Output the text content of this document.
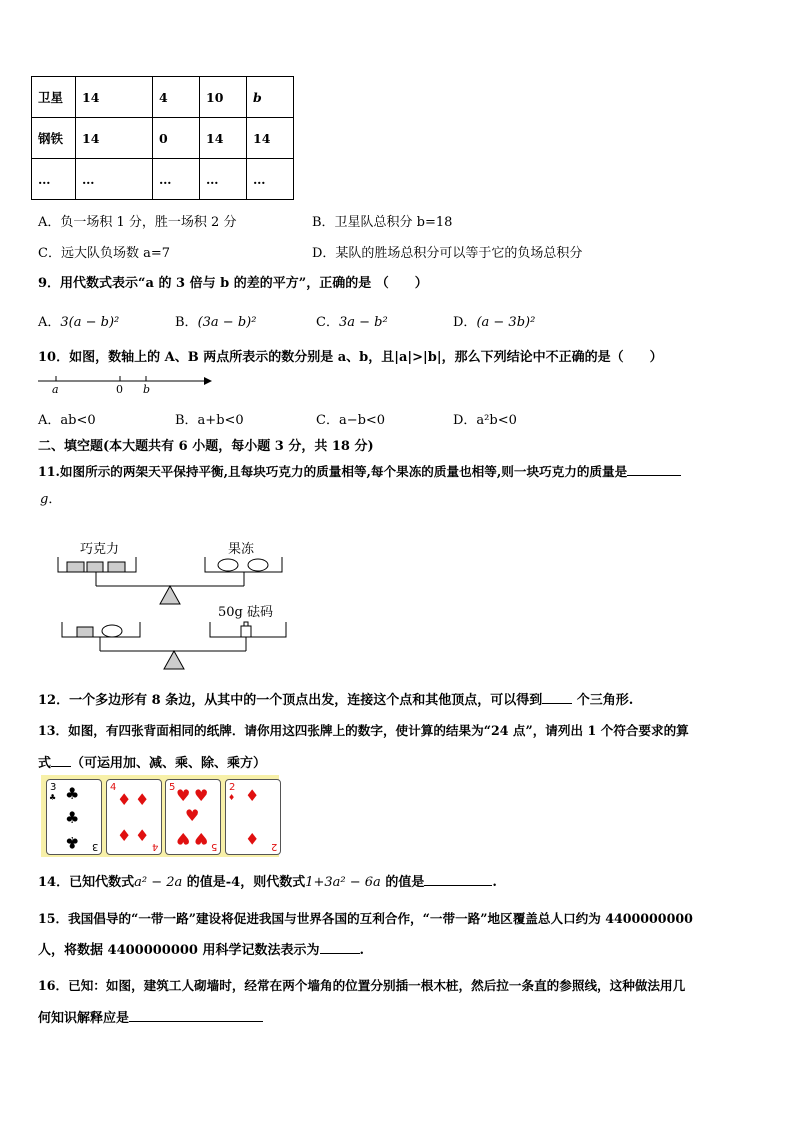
卫星	14	4	10	b
钢铁	14	0	14	14
…	…	…	…	…
A．负一场积 1 分，胜一场积 2 分	B．卫星队总积分 b=18
C．远大队负场数 a=7	D．某队的胜场总积分可以等于它的负场总积分
9．用代数式表示“a 的 3 倍与 b 的差的平方”，正确的是 （　　）
A．3(a − b)²	B．(3a − b)²	C．3a − b²	D．(a − 3b)²
10．如图，数轴上的 A、B 两点所表示的数分别是 a、b，且|a|>|b|，那么下列结论中不正确的是（　　）
a	0 b
A．ab<0	B．a+b<0	C．a−b<0	D．a²b<0
二、填空题(本大题共有 6 小题，每小题 3 分，共 18 分)
11.如图所示的两架天平保持平衡,且每块巧克力的质量相等,每个果冻的质量也相等,则一块巧克力的质量是
g．
巧克力	果冻
50g 砝码
12．一个多边形有 8 条边，从其中的一个顶点出发，连接这个点和其他顶点，可以得到	个三角形.
13．如图，有四张背面相同的纸牌．请你用这四张牌上的数字，使计算的结果为“24 点”，请列出 1 个符合要求的算
式 （可运用加、减、乘、除、乘方）
3
♣ ♣
♣
♣ 3
4
♦ ♦
♦ ♦
4
5 ♥ ♥
♥
♥ ♥ 5
2
♦ ♦
♦ 2
14．已知代数式a² − 2a 的值是-4，则代数式1+3a² − 6a 的值是	.
15．我国倡导的“一带一路”建设将促进我国与世界各国的互利合作，“一带一路”地区覆盖总人口约为 4400000000
人，将数据 4400000000 用科学记数法表示为	.
16．已知：如图，建筑工人砌墙时，经常在两个墙角的位置分别插一根木桩，然后拉一条直的参照线，这种做法用几
何知识解释应是
